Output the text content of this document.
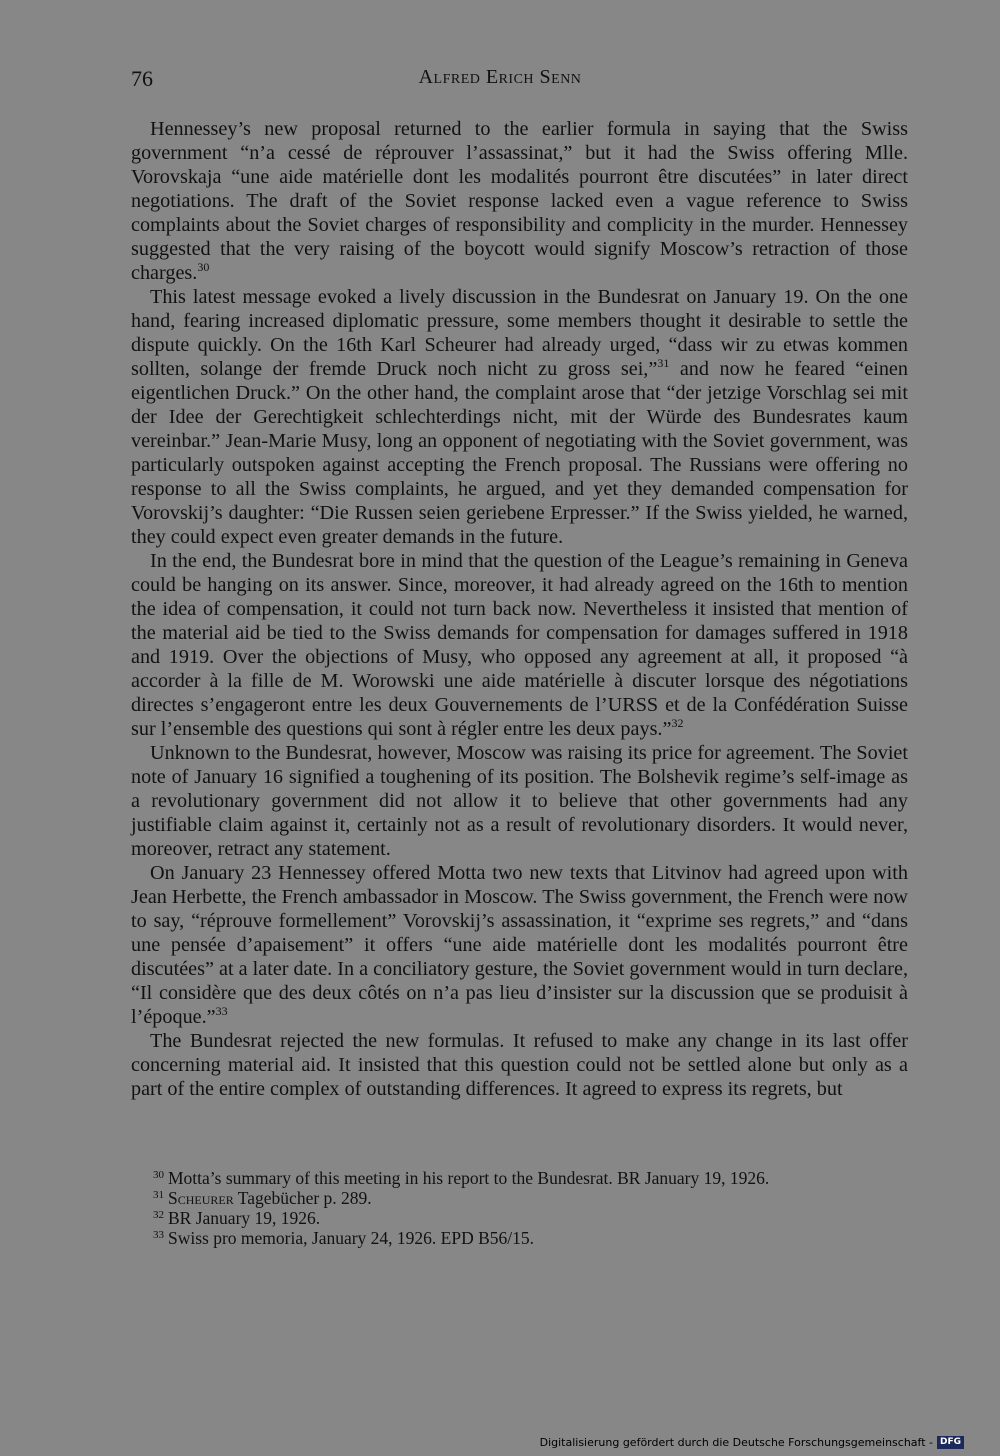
76	Alfred Erich Senn

Hennessey’s new proposal returned to the earlier formula in saying that the Swiss government “n’a cessé de réprouver l’assassinat,” but it had the Swiss offering Mlle. Vorovskaja “une aide matérielle dont les modalités pourront être discutées” in later direct negotiations. The draft of the Soviet response lacked even a vague reference to Swiss complaints about the Soviet charges of responsibility and complicity in the murder. Hennessey suggested that the very raising of the boycott would signify Moscow’s retraction of those charges.$^{30}$

This latest message evoked a lively discussion in the Bundesrat on January 19. On the one hand, fearing increased diplomatic pressure, some members thought it desirable to settle the dispute quickly. On the 16th Karl Scheurer had already urged, “dass wir zu etwas kommen sollten, solange der fremde Druck noch nicht zu gross sei,”$^{31}$ and now he feared “einen eigentlichen Druck.” On the other hand, the complaint arose that “der jetzige Vorschlag sei mit der Idee der Gerechtigkeit schlechterdings nicht, mit der Würde des Bundesrates kaum vereinbar.” Jean-Marie Musy, long an opponent of negotiating with the Soviet government, was particularly outspoken against accepting the French proposal. The Russians were offering no response to all the Swiss complaints, he argued, and yet they demanded compensation for Vorovskij’s daughter: “Die Russen seien geriebene Erpresser.” If the Swiss yielded, he warned, they could expect even greater demands in the future.

In the end, the Bundesrat bore in mind that the question of the League’s remaining in Geneva could be hanging on its answer. Since, moreover, it had already agreed on the 16th to mention the idea of compensation, it could not turn back now. Nevertheless it insisted that mention of the material aid be tied to the Swiss demands for compensation for damages suffered in 1918 and 1919. Over the objections of Musy, who opposed any agreement at all, it proposed “à accorder à la fille de M. Worowski une aide matérielle à discuter lorsque des négotiations directes s’engageront entre les deux Gouvernements de l’URSS et de la Confédération Suisse sur l’ensemble des questions qui sont à régler entre les deux pays.”$^{32}$

Unknown to the Bundesrat, however, Moscow was raising its price for agreement. The Soviet note of January 16 signified a toughening of its position. The Bolshevik regime’s self-image as a revolutionary government did not allow it to believe that other governments had any justifiable claim against it, certainly not as a result of revolutionary disorders. It would never, moreover, retract any statement.

On January 23 Hennessey offered Motta two new texts that Litvinov had agreed upon with Jean Herbette, the French ambassador in Moscow. The Swiss government, the French were now to say, “réprouve formellement” Vorovskij’s assassination, it “exprime ses regrets,” and “dans une pensée d’apaisement” it offers “une aide matérielle dont les modalités pourront être discutées” at a later date. In a conciliatory gesture, the Soviet government would in turn declare, “Il considère que des deux côtés on n’a pas lieu d’insister sur la discussion que se produisit à l’époque.”$^{33}$

The Bundesrat rejected the new formulas. It refused to make any change in its last offer concerning material aid. It insisted that this question could not be settled alone but only as a part of the entire complex of outstanding differences. It agreed to express its regrets, but

$^{30}$ Motta’s summary of this meeting in his report to the Bundesrat. BR January 19, 1926.

$^{31}$ Scheurer Tagebücher p. 289.

$^{32}$ BR January 19, 1926.

$^{33}$ Swiss pro memoria, January 24, 1926. EPD B56/15.

Digitalisierung gefördert durch die Deutsche Forschungsgemeinschaft - DFG
